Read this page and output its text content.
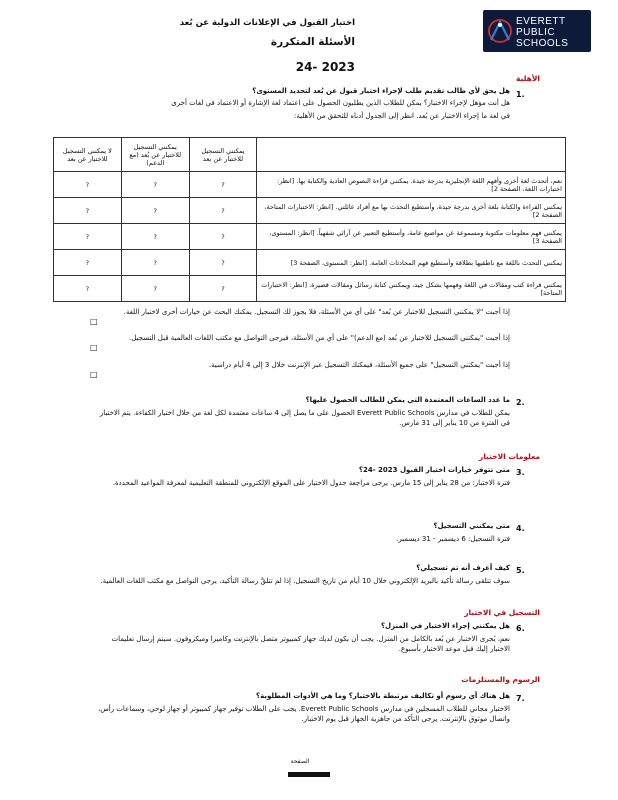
EVERETT
PUBLIC
SCHOOLS
اختبار القبول في الإعلانات الدولية عن بُعد
الأسئلة المتكررة
2023 -24
الأهلية
1.
هل يحق لأي طالب تقديم طلب لإجراء اختبار قبول عن بُعد لتحديد المستوى؟
هل أنت مؤهل لإجراء الاختبار؟ يمكن للطلاب الذين يطلبون الحصول على اعتماد لغة الإشارة أو الاعتماد في لغات أخرى
في لغة ما إجراء الاختبار عن بُعد. انظر إلى الجدول أدناه للتحقق من الأهلية:
لا يمكنني التسجيل للاختبار عن بعد	يمكنني التسجيل للاختبار عن بُعد (مع الدعم)	يمكنني التسجيل للاختبار عن بعد	
?	?	?	نعم، أتحدث لغة أخرى وأفهم اللغة الإنجليزية بدرجة جيدة. يمكنني قراءة النصوص العادية والكتابة بها. [انظر: اختبارات اللغة، الصفحة 2]
?	?	?	يمكنني القراءة والكتابة بلغة أخرى بدرجة جيدة، وأستطيع التحدث بها مع أفراد عائلتي. [انظر: الاختبارات المتاحة، الصفحة 2]
?	?	?	يمكنني فهم معلومات مكتوبة ومسموعة عن مواضيع عامة، وأستطيع التعبير عن آرائي شفهياً. [انظر: المستوى، الصفحة 3]
?	?	?	يمكنني التحدث باللغة مع ناطقيها بطلاقة وأستطيع فهم المحادثات العامة. [انظر: المستوى، الصفحة 3]
?	?	?	يمكنني قراءة كتب ومقالات في اللغة وفهمها بشكل جيد، ويمكنني كتابة رسائل ومقالات قصيرة. [انظر: الاختبارات المتاحة]
□
إذا أجبت "لا يمكنني التسجيل للاختبار عن بُعد" على أي من الأسئلة، فلا يجوز لك التسجيل. يمكنك البحث عن خيارات أخرى لاختبار اللغة.
□
إذا أجبت "يمكنني التسجيل للاختبار عن بُعد (مع الدعم)" على أي من الأسئلة، فيرجى التواصل مع مكتب اللغات العالمية قبل التسجيل.
□
إذا أجبت "يمكنني التسجيل" على جميع الأسئلة، فيمكنك التسجيل عبر الإنترنت خلال 3 إلى 4 أيام دراسية.
2.
ما عدد الساعات المعتمدة التي يمكن للطالب الحصول عليها؟
يمكن للطلاب في مدارس Everett Public Schools الحصول على ما يصل إلى 4 ساعات معتمدة لكل لغة من خلال اختبار الكفاءة. يتم الاختبار في الفترة من 10 يناير إلى 31 مارس.
معلومات الاختبار
3.
متى تتوفر خيارات اختبار القبول 2023 -24؟
فترة الاختبار: من 28 يناير إلى 15 مارس. يرجى مراجعة جدول الاختبار على الموقع الإلكتروني للمنطقة التعليمية لمعرفة المواعيد المحددة.
4.
متى يمكنني التسجيل؟
فترة التسجيل: 6 ديسمبر - 31 ديسمبر.
5.
كيف أعرف أنه تم تسجيلي؟
سوف تتلقى رسالة تأكيد بالبريد الإلكتروني خلال 10 أيام من تاريخ التسجيل. إذا لم تتلقَّ رسالة التأكيد، يرجى التواصل مع مكتب اللغات العالمية.
التسجيل في الاختبار
6.
هل يمكنني إجراء الاختبار في المنزل؟
نعم، يُجرى الاختبار عن بُعد بالكامل من المنزل. يجب أن يكون لديك جهاز كمبيوتر متصل بالإنترنت وكاميرا وميكروفون. سيتم إرسال تعليمات الاختبار إليك قبل موعد الاختبار بأسبوع.
الرسوم والمستلزمات
7.
هل هناك أي رسوم أو تكاليف مرتبطة بالاختبار؟ وما هي الأدوات المطلوبة؟
الاختبار مجاني للطلاب المسجلين في مدارس Everett Public Schools. يجب على الطلاب توفير جهاز كمبيوتر أو جهاز لوحي، وسماعات رأس، واتصال موثوق بالإنترنت. يرجى التأكد من جاهزية الجهاز قبل يوم الاختبار.
الصفحة
